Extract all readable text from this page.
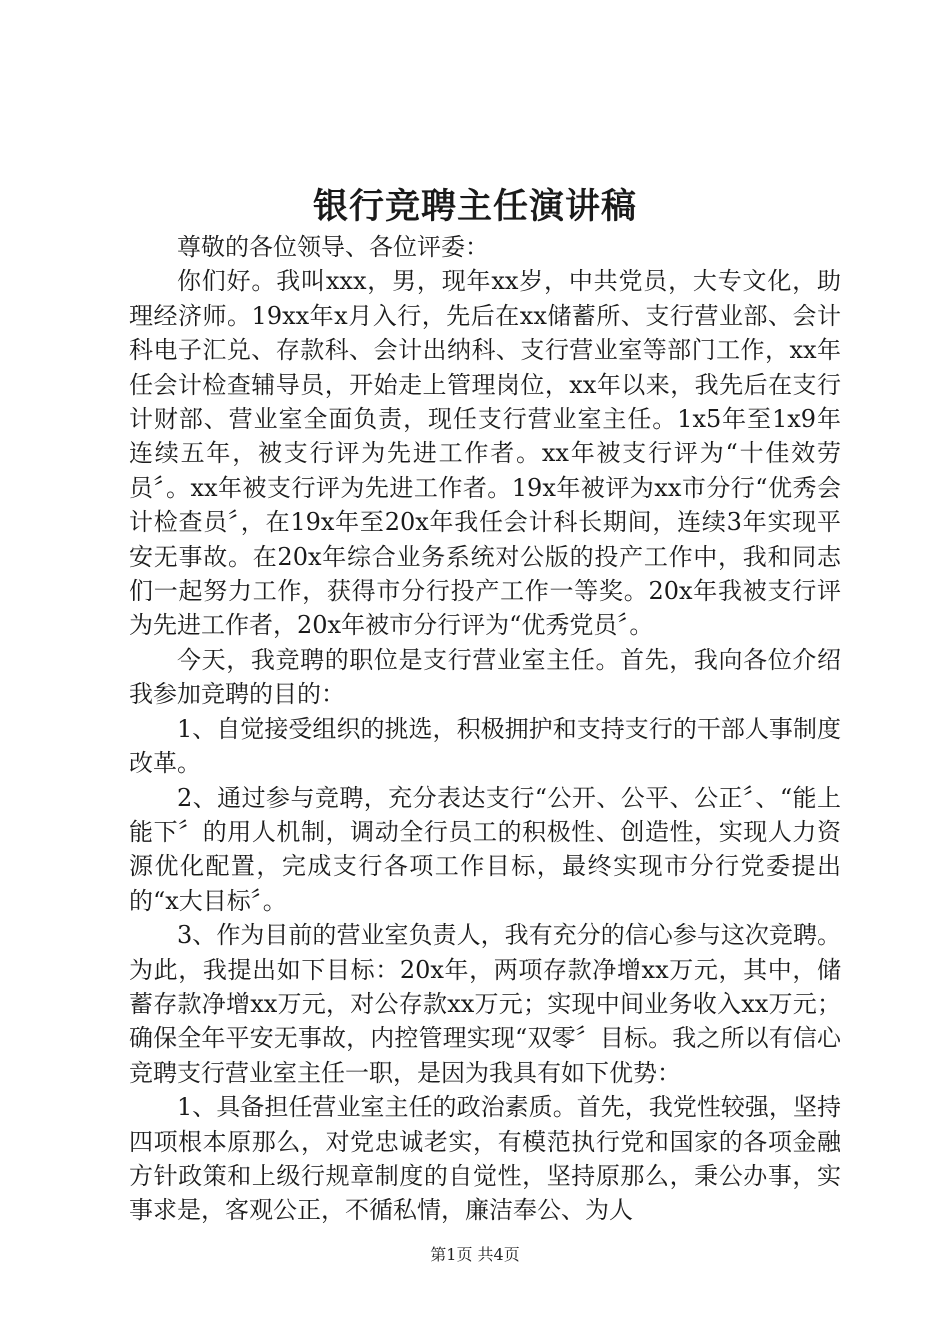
银行竞聘主任演讲稿

尊敬的各位领导、各位评委：

你们好。我叫xxx，男，现年xx岁，中共党员，大专文化，助理经济师。19xx年x月入行，先后在xx储蓄所、支行营业部、会计科电子汇兑、存款科、会计出纳科、支行营业室等部门工作，xx年任会计检查辅导员，开始走上管理岗位，xx年以来，我先后在支行计财部、营业室全面负责，现任支行营业室主任。1x5年至1x9年连续五年，被支行评为先进工作者。xx年被支行评为“十佳效劳员〞。xx年被支行评为先进工作者。19x年被评为xx市分行“优秀会计检查员〞，在19x年至20x年我任会计科长期间，连续3年实现平安无事故。在20x年综合业务系统对公版的投产工作中，我和同志们一起努力工作，获得市分行投产工作一等奖。20x年我被支行评为先进工作者，20x年被市分行评为“优秀党员〞。

今天，我竞聘的职位是支行营业室主任。首先，我向各位介绍我参加竞聘的目的：

1、自觉接受组织的挑选，积极拥护和支持支行的干部人事制度改革。

2、通过参与竞聘，充分表达支行“公开、公平、公正〞、“能上能下〞的用人机制，调动全行员工的积极性、创造性，实现人力资源优化配置，完成支行各项工作目标，最终实现市分行党委提出的“x大目标〞。

3、作为目前的营业室负责人，我有充分的信心参与这次竞聘。为此，我提出如下目标：20x年，两项存款净增xx万元，其中，储蓄存款净增xx万元，对公存款xx万元；实现中间业务收入xx万元；确保全年平安无事故，内控管理实现“双零〞目标。我之所以有信心竞聘支行营业室主任一职，是因为我具有如下优势：

1、具备担任营业室主任的政治素质。首先，我党性较强，坚持四项根本原那么，对党忠诚老实，有模范执行党和国家的各项金融方针政策和上级行规章制度的自觉性，坚持原那么，秉公办事，实事求是，客观公正，不循私情，廉洁奉公、为人

第1页 共4页
